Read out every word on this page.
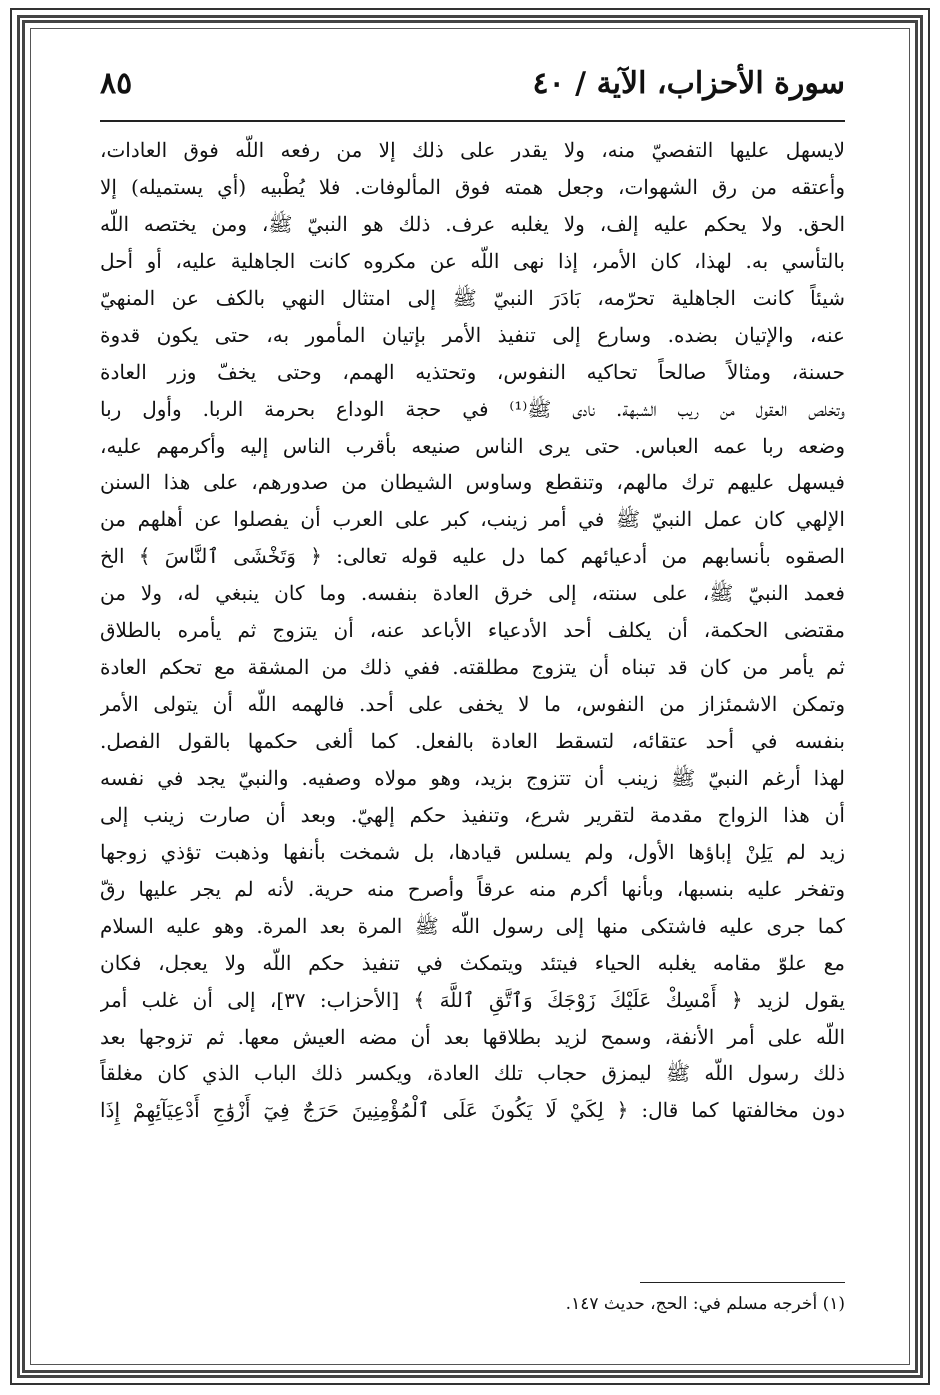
سورة الأحزاب، الآية / ٤٠
٨٥
لايسهل عليها التفصيّ منه، ولا يقدر على ذلك إلا من رفعه اللّه فوق العادات،
وأعتقه من رق الشهوات، وجعل همته فوق المألوفات. فلا يُطْبيه (أي يستميله) إلا
الحق. ولا يحكم عليه إلف، ولا يغلبه عرف. ذلك هو النبيّ ﷺ، ومن يختصه اللّه
بالتأسي به. لهذا، كان الأمر، إذا نهى اللّه عن مكروه كانت الجاهلية عليه، أو أحل
شيئاً كانت الجاهلية تحرّمه، بَادَرَ النبيّ ﷺ إلى امتثال النهي بالكف عن المنهيّ
عنه، والإتيان بضده. وسارع إلى تنفيذ الأمر بإتيان المأمور به، حتى يكون قدوة
حسنة، ومثالاً صالحاً تحاكيه النفوس، وتحتذيه الهمم، وحتى يخفّ وزر العادة
وتخلص العقول من ريب الشبهة. نادى ﷺ⁽¹⁾ في حجة الوداع بحرمة الربا. وأول ربا
وضعه ربا عمه العباس. حتى يرى الناس صنيعه بأقرب الناس إليه وأكرمهم عليه،
فيسهل عليهم ترك مالهم، وتنقطع وساوس الشيطان من صدورهم، على هذا السنن
الإلهي كان عمل النبيّ ﷺ في أمر زينب، كبر على العرب أن يفصلوا عن أهلهم من
الصقوه بأنسابهم من أدعيائهم كما دل عليه قوله تعالى: ﴿ وَتَخْشَى ٱلنَّاسَ ﴾ الخ
فعمد النبيّ ﷺ، على سنته، إلى خرق العادة بنفسه. وما كان ينبغي له، ولا من
مقتضى الحكمة، أن يكلف أحد الأدعياء الأباعد عنه، أن يتزوج ثم يأمره بالطلاق
ثم يأمر من كان قد تبناه أن يتزوج مطلقته. ففي ذلك من المشقة مع تحكم العادة
وتمكن الاشمئزاز من النفوس، ما لا يخفى على أحد. فالهمه اللّه أن يتولى الأمر
بنفسه في أحد عتقائه، لتسقط العادة بالفعل. كما ألغى حكمها بالقول الفصل.
لهذا أرغم النبيّ ﷺ زينب أن تتزوج بزيد، وهو مولاه وصفيه. والنبيّ يجد في نفسه
أن هذا الزواج مقدمة لتقرير شرع، وتنفيذ حكم إلهيّ. وبعد أن صارت زينب إلى
زيد لم يَلِنْ إباؤها الأول، ولم يسلس قيادها، بل شمخت بأنفها وذهبت تؤذي زوجها
وتفخر عليه بنسبها، وبأنها أكرم منه عرقاً وأصرح منه حرية. لأنه لم يجر عليها رقّ
كما جرى عليه فاشتكى منها إلى رسول اللّه ﷺ المرة بعد المرة. وهو عليه السلام
مع علوّ مقامه يغلبه الحياء فيتئد ويتمكث في تنفيذ حكم اللّه ولا يعجل، فكان
يقول لزيد ﴿ أَمْسِكْ عَلَيْكَ زَوْجَكَ وَٱتَّقِ ٱللَّهَ ﴾ [الأحزاب: ٣٧]، إلى أن غلب أمر
اللّه على أمر الأنفة، وسمح لزيد بطلاقها بعد أن مضه العيش معها. ثم تزوجها بعد
ذلك رسول اللّه ﷺ ليمزق حجاب تلك العادة، ويكسر ذلك الباب الذي كان مغلقاً
دون مخالفتها كما قال: ﴿ لِكَيْ لَا يَكُونَ عَلَى ٱلْمُؤْمِنِينَ حَرَجٌ فِيٓ أَزْوَٰجِ أَدْعِيَآئِهِمْ إِذَا
(١) أخرجه مسلم في: الحج، حديث ١٤٧.
